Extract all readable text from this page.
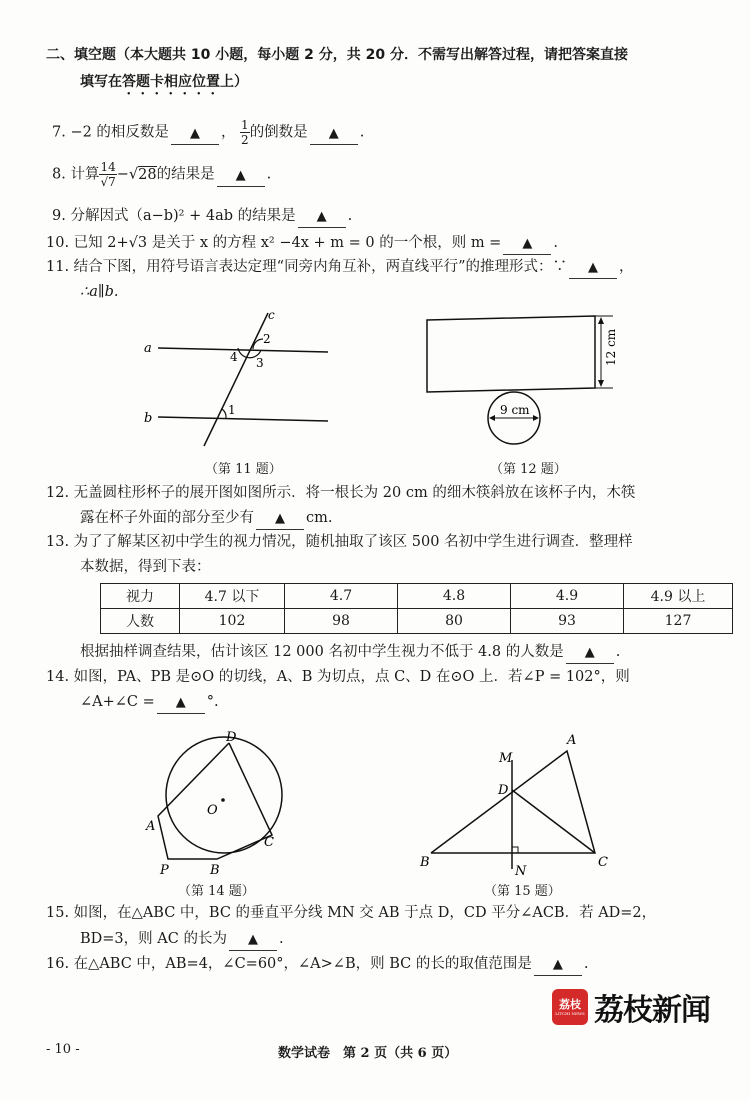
二、填空题（本大题共 10 小题，每小题 2 分，共 20 分．不需写出解答过程，请把答案直接
填写在答题卡相应位置上）
7. −2 的相反数是 ▲ ， $\frac{1}{2}$ 的倒数是 ▲ .
8. 计算 $\frac{14}{√7} -√28$的结果是 ▲ .
9. 分解因式（a−b)² + 4ab 的结果是 ▲ .
10. 已知 2+√3 是关于 x 的方程 x² −4x + m = 0 的一个根，则 m = ▲ .
11. 结合下图，用符号语言表达定理“同旁内角互补，两直线平行”的推理形式：∵ ▲ ，
∴a∥b.
a
b
c
2
4 3
1
（第 11 题）
12 cm
9 cm
（第 12 题）
12. 无盖圆柱形杯子的展开图如图所示．将一根长为 20 cm 的细木筷斜放在该杯子内，木筷
露在杯子外面的部分至少有 ▲ cm.
13. 为了了解某区初中学生的视力情况，随机抽取了该区 500 名初中学生进行调查．整理样
本数据，得到下表：
视力	4.7 以下	4.7	4.8	4.9	4.9 以上
人数	102	98	80	93	127
根据抽样调查结果，估计该区 12 000 名初中学生视力不低于 4.8 的人数是 ▲ .
14. 如图，PA、PB 是⊙O 的切线，A、B 为切点，点 C、D 在⊙O 上．若∠P = 102°，则
∠A+∠C = ▲ °.
D
O
A
C
P	B
（第 14 题）
M
A
D
B	C
N
（第 15 题）
15. 如图，在△ABC 中，BC 的垂直平分线 MN 交 AB 于点 D，CD 平分∠ACB．若 AD=2，
BD=3，则 AC 的长为 ▲ .
16. 在△ABC 中，AB=4，∠C=60°，∠A>∠B，则 BC 的长的取值范围是 ▲ .
荔枝
LITCHI NEWS 荔枝新闻
- 10 -	数学试卷　第 2 页（共 6 页）
